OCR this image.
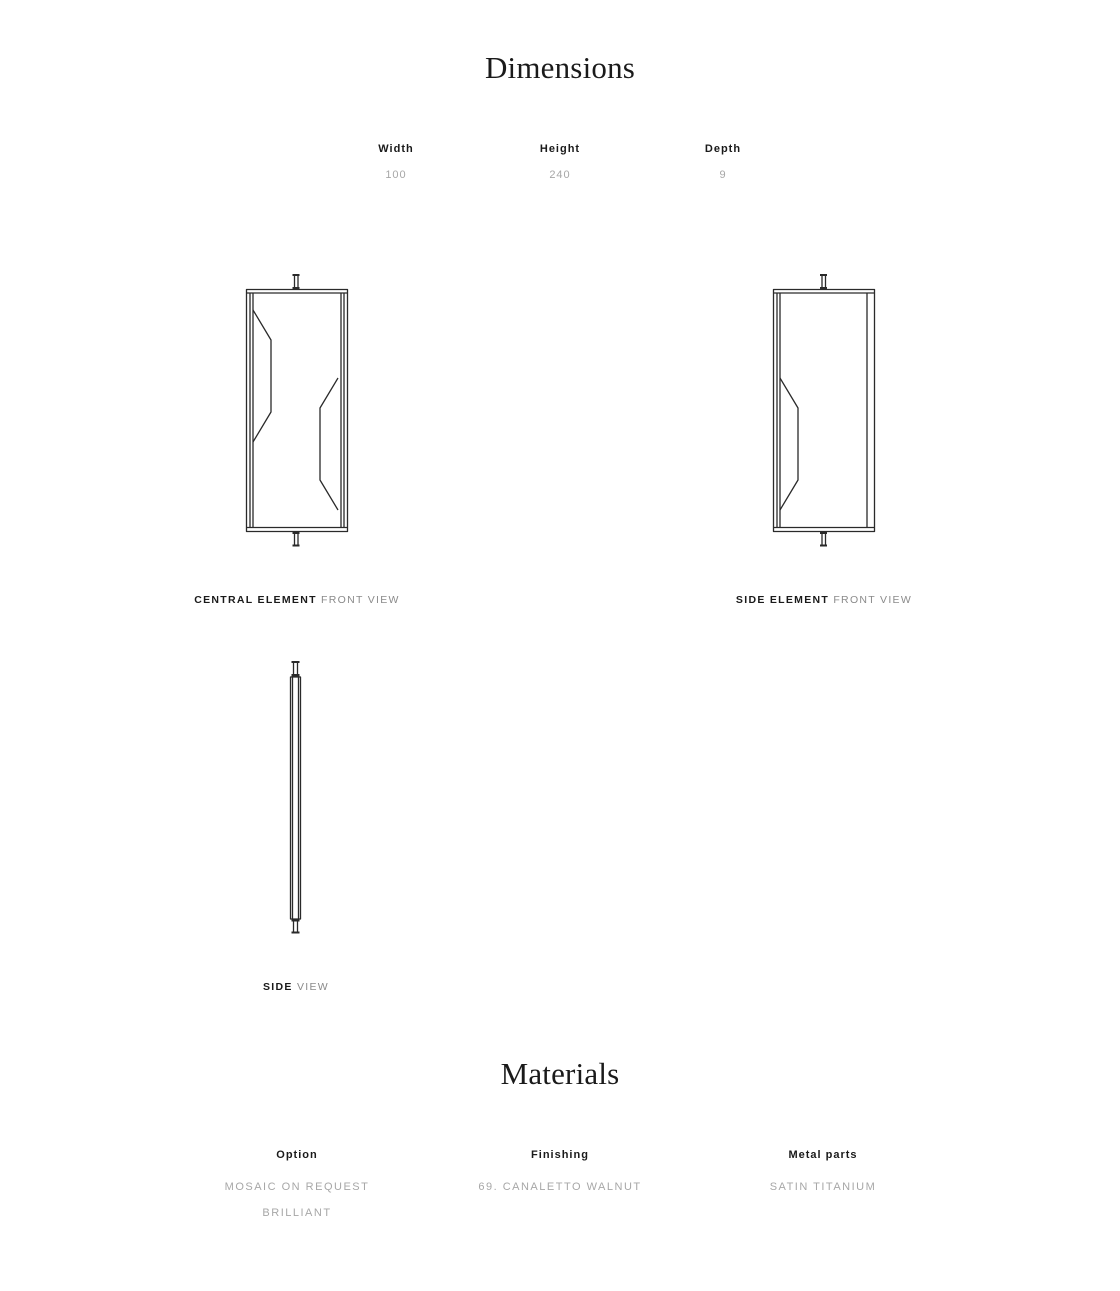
Dimensions
Width
100
Height
240
Depth
9
CENTRAL ELEMENT FRONT VIEW	SIDE ELEMENT FRONT VIEW
SIDE VIEW
Materials
Option
MOSAIC ON REQUEST
BRILLIANT
Finishing
69. CANALETTO WALNUT
Metal parts
SATIN TITANIUM
